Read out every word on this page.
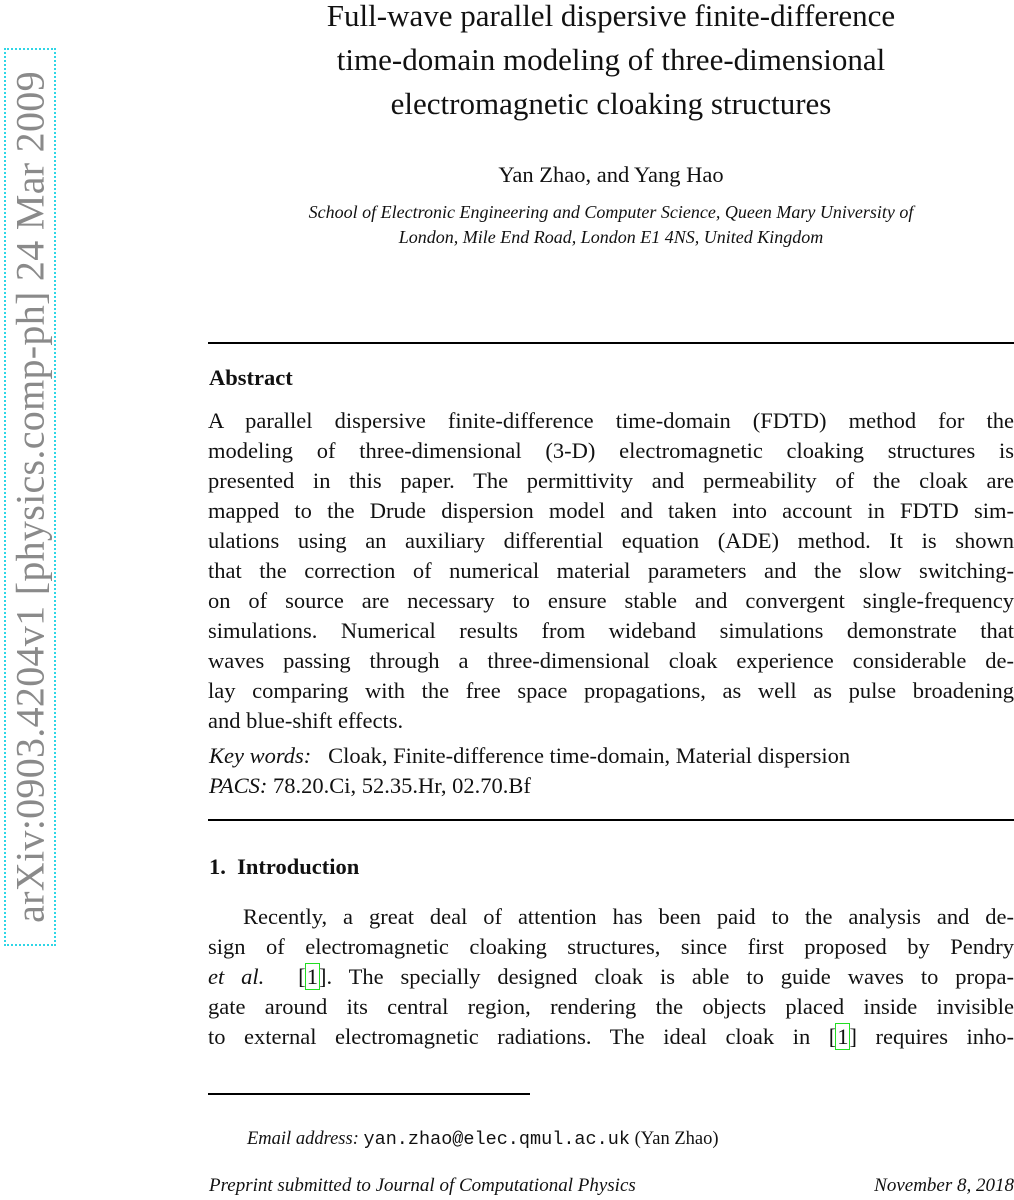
arXiv:0903.4204v1 [physics.comp-ph] 24 Mar 2009
Full-wave parallel dispersive finite-difference
time-domain modeling of three-dimensional
electromagnetic cloaking structures
Yan Zhao, and Yang Hao
School of Electronic Engineering and Computer Science, Queen Mary University of
London, Mile End Road, London E1 4NS, United Kingdom
Abstract
A parallel dispersive finite-difference time-domain (FDTD) method for the
modeling of three-dimensional (3-D) electromagnetic cloaking structures is
presented in this paper. The permittivity and permeability of the cloak are
mapped to the Drude dispersion model and taken into account in FDTD sim-
ulations using an auxiliary differential equation (ADE) method. It is shown
that the correction of numerical material parameters and the slow switching-
on of source are necessary to ensure stable and convergent single-frequency
simulations. Numerical results from wideband simulations demonstrate that
waves passing through a three-dimensional cloak experience considerable de-
lay comparing with the free space propagations, as well as pulse broadening
and blue-shift effects.
Key words: Cloak, Finite-difference time-domain, Material dispersion
PACS: 78.20.Ci, 52.35.Hr, 02.70.Bf
1.  Introduction
Recently, a great deal of attention has been paid to the analysis and de-
sign of electromagnetic cloaking structures, since first proposed by Pendry
et al.  [1]. The specially designed cloak is able to guide waves to propa-
gate around its central region, rendering the objects placed inside invisible
to external electromagnetic radiations. The ideal cloak in [1] requires inho-
Email address: yan.zhao@elec.qmul.ac.uk (Yan Zhao)
Preprint submitted to Journal of Computational Physics	November 8, 2018
